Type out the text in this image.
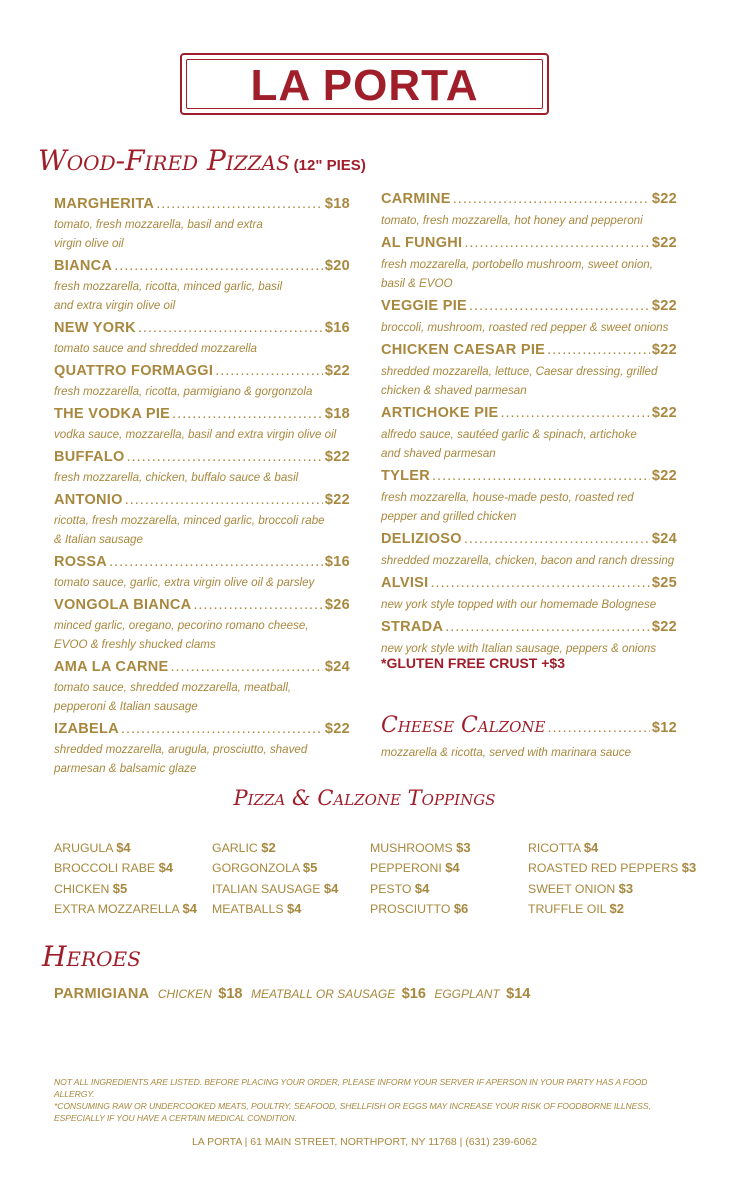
LA PORTA
Wood-Fired Pizzas (12" PIES)
MARGHERITA .....	$18
tomato, fresh mozzarella, basil and extra
virgin olive oil
BIANCA .....	$20
fresh mozzarella, ricotta, minced garlic, basil
and extra virgin olive oil
NEW YORK .....	$16
tomato sauce and shredded mozzarella
QUATTRO FORMAGGI .....	$22
fresh mozzarella, ricotta, parmigiano & gorgonzola
THE VODKA PIE .....	$18
vodka sauce, mozzarella, basil and extra virgin olive oil
BUFFALO .....	$22
fresh mozzarella, chicken, buffalo sauce & basil
ANTONIO .....	$22
ricotta, fresh mozzarella, minced garlic, broccoli rabe
& Italian sausage
ROSSA .....	$16
tomato sauce, garlic, extra virgin olive oil & parsley
VONGOLA BIANCA .....	$26
minced garlic, oregano, pecorino romano cheese,
EVOO & freshly shucked clams
AMA LA CARNE .....	$24
tomato sauce, shredded mozzarella, meatball,
pepperoni & Italian sausage
IZABELA .....	$22
shredded mozzarella, arugula, prosciutto, shaved
parmesan & balsamic glaze
CARMINE .....	$22
tomato, fresh mozzarella, hot honey and pepperoni
AL FUNGHI .....	$22
fresh mozzarella, portobello mushroom, sweet onion,
basil & EVOO
VEGGIE PIE .....	$22
broccoli, mushroom, roasted red pepper & sweet onions
CHICKEN CAESAR PIE .....	$22
shredded mozzarella, lettuce, Caesar dressing, grilled
chicken & shaved parmesan
ARTICHOKE PIE .....	$22
alfredo sauce, sautéed garlic & spinach, artichoke
and shaved parmesan
TYLER .....	$22
fresh mozzarella, house-made pesto, roasted red
pepper and grilled chicken
DELIZIOSO .....	$24
shredded mozzarella, chicken, bacon and ranch dressing
ALVISI .....	$25
new york style topped with our homemade Bolognese
STRADA .....	$22
new york style with Italian sausage, peppers & onions
*GLUTEN FREE CRUST +$3
Cheese Calzone .....	$12
mozzarella & ricotta, served with marinara sauce
Pizza & Calzone Toppings
ARUGULA $4
BROCCOLI RABE $4
CHICKEN $5
EXTRA MOZZARELLA $4
GARLIC $2
GORGONZOLA $5
ITALIAN SAUSAGE $4
MEATBALLS $4
MUSHROOMS $3
PEPPERONI $4
PESTO $4
PROSCIUTTO $6
RICOTTA $4
ROASTED RED PEPPERS $3
SWEET ONION $3
TRUFFLE OIL $2
Heroes
PARMIGIANA CHICKEN $18 MEATBALL OR SAUSAGE $16 EGGPLANT $14
NOT ALL INGREDIENTS ARE LISTED. BEFORE PLACING YOUR ORDER, PLEASE INFORM YOUR SERVER IF APERSON IN YOUR PARTY HAS A FOOD ALLERGY.
*CONSUMING RAW OR UNDERCOOKED MEATS, POULTRY, SEAFOOD, SHELLFISH OR EGGS MAY INCREASE YOUR RISK OF FOODBORNE ILLNESS, ESPECIALLY IF YOU HAVE A CERTAIN MEDICAL CONDITION.
LA PORTA | 61 MAIN STREET, NORTHPORT, NY 11768 | (631) 239-6062
